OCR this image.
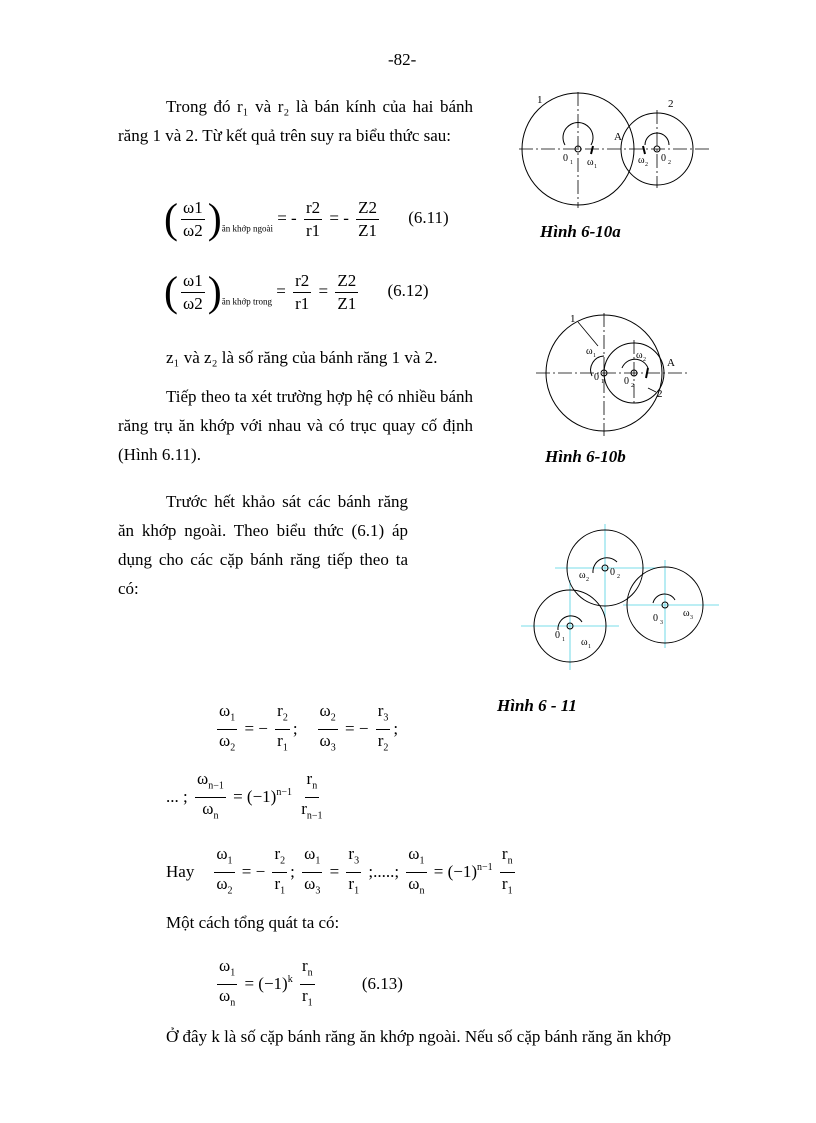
-82-
Trong đó r₁ và r₂ là bán kính của hai bánh răng 1 và 2. Từ kết quả trên suy ra biểu thức sau:
( $\frac{\omega 1}{\omega 2} )_{ăn khớp ngoài}$ = - $\frac{r2}{r1}$ = - $\frac{Z2}{Z1} (6.11)$
( $\frac{\omega 1}{\omega 2} )_{ăn khớp trong} = \frac{r2}{r1} = \frac{Z2}{Z1} (6.12)$
z₁ và z₂ là số răng của bánh răng 1 và 2.
Tiếp theo ta xét trường hợp hệ có nhiều bánh răng trụ ăn khớp với nhau và có trục quay cố định (Hình 6.11).
Trước hết khảo sát các bánh răng ăn khớp ngoài. Theo biểu thức (6.1) áp dụng cho các cặp bánh răng tiếp theo ta có:
1	2
A
0 1 ω 1
0 2
ω 2
Hình 6-10a
1
2
A
ω 1
0 1
ω 2
0 2
Hình 6-10b
ω 2
0 2
0 3
ω 3
0 1 ω 1
Hình 6 - 11
$\frac{\omega_1}{\omega_2}$ = − $\frac{r_2}{r_1}$ ; $\frac{\omega_2}{\omega_3}$ = − $\frac{r_3}{r_2}$ ;
... ; $\frac{\omega_{n-1}}{\omega_n} = (-1)^{n-1} \frac{r_n}{r_{n-1}}$
Hay $\frac{\omega_1}{\omega_2}$ = − $\frac{r_2}{r_1}$ ; $\frac{\omega_1}{\omega_3} = \frac{r_3}{r_1}$ ;.....; $\frac{\omega_1}{\omega_n} = (-1)^{n-1} \frac{r_n}{r_1}$
Một cách tổng quát ta có:
$\frac{\omega_1}{\omega_n} = (-1)^k \frac{r_n}{r_1}$	(6.13)
Ở đây k là số cặp bánh răng ăn khớp ngoài. Nếu số cặp bánh răng ăn khớp
